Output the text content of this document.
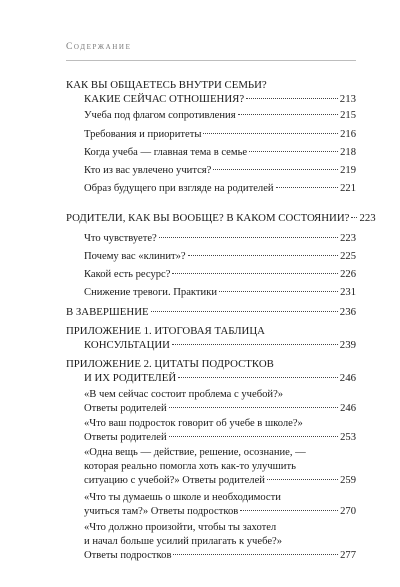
Содержание
КАК ВЫ ОБЩАЕТЕСЬ ВНУТРИ СЕМЬИ?
КАКИЕ СЕЙЧАС ОТНОШЕНИЯ?	213
Учеба под флагом сопротивления	215
Требования и приоритеты	216
Когда учеба — главная тема в семье	218
Кто из вас увлечено учится?	219
Образ будущего при взгляде на родителей	221
РОДИТЕЛИ, КАК ВЫ ВООБЩЕ? В КАКОМ СОСТОЯНИИ? 223
Что чувствуете?	223
Почему вас «клинит»?	225
Какой есть ресурс?	226
Снижение тревоги. Практики	231
В ЗАВЕРШЕНИЕ	236
ПРИЛОЖЕНИЕ 1. ИТОГОВАЯ ТАБЛИЦА
КОНСУЛЬТАЦИИ	239
ПРИЛОЖЕНИЕ 2. ЦИТАТЫ ПОДРОСТКОВ
И ИХ РОДИТЕЛЕЙ	246
«В чем сейчас состоит проблема с учебой?»
Ответы родителей	246
«Что ваш подросток говорит об учебе в школе?»
Ответы родителей	253
«Одна вещь — действие, решение, осознание, —
которая реально помогла хоть как-то улучшить
ситуацию с учебой?» Ответы родителей	259
«Что ты думаешь о школе и необходимости
учиться там?» Ответы подростков	270
«Что должно произойти, чтобы ты захотел
и начал больше усилий прилагать к учебе?»
Ответы подростков	277
